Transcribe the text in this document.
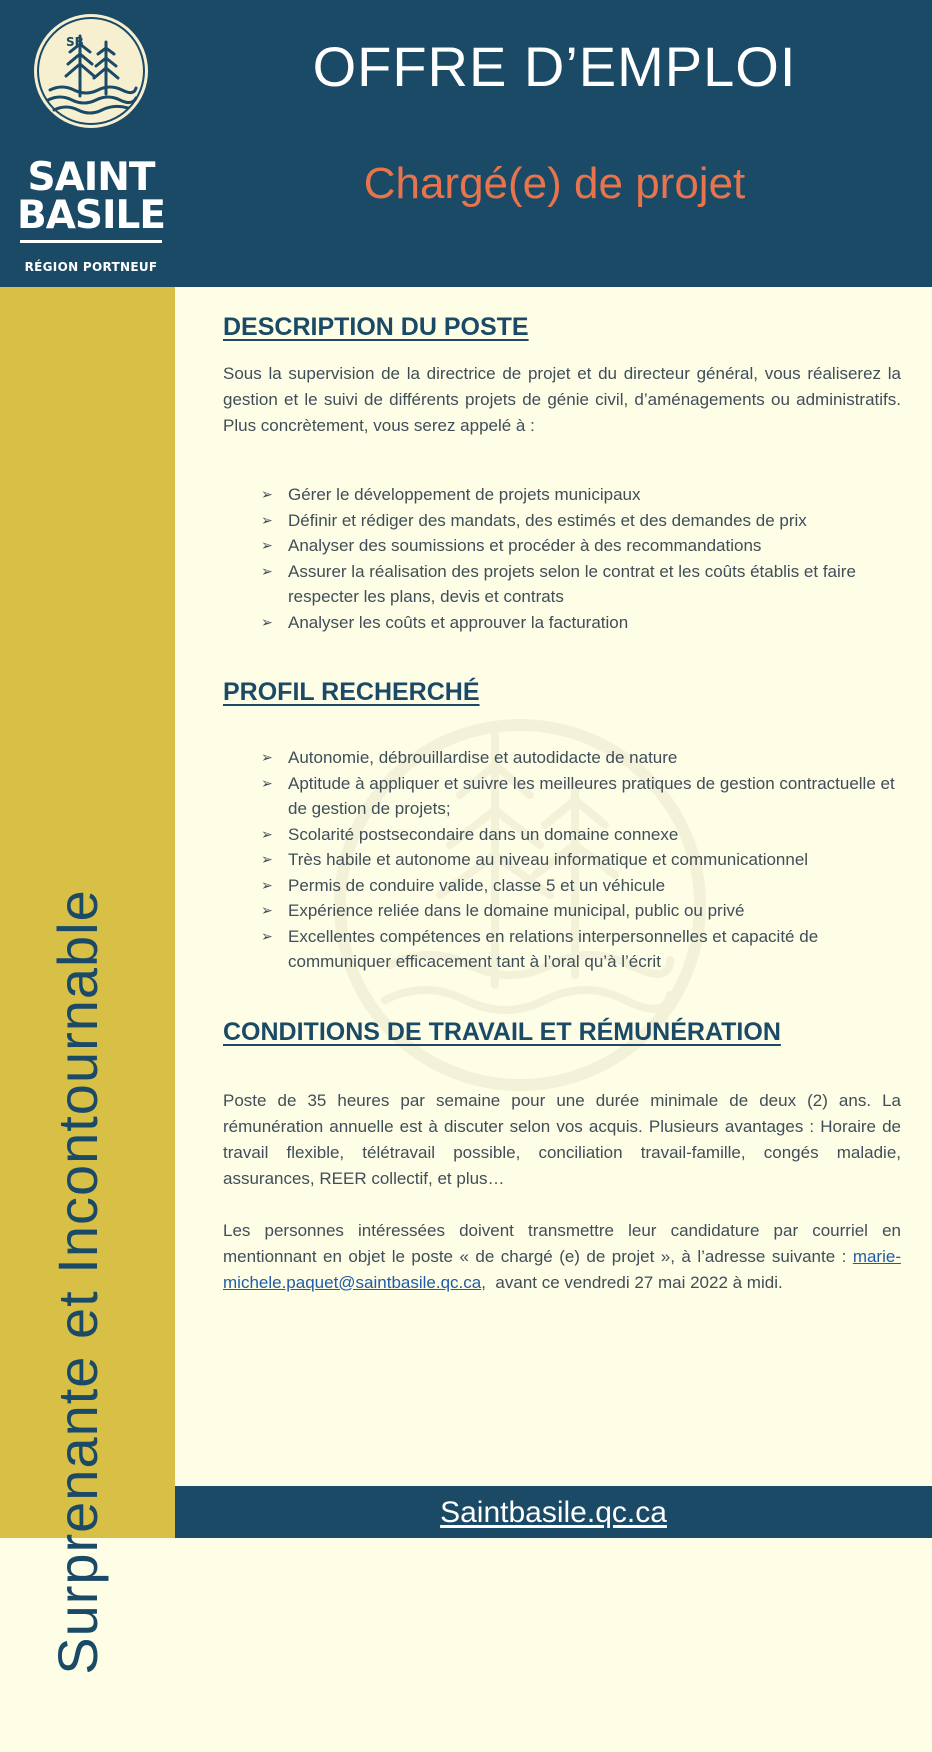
SB
SAINT
BASILE
RÉGION PORTNEUF
OFFRE D’EMPLOI
Chargé(e) de projet
Surprenante et Incontournable
DESCRIPTION DU POSTE

Sous la supervision de la directrice de projet et du directeur général, vous réaliserez la gestion et le suivi de différents projets de génie civil, d’aménagements ou administratifs. Plus concrètement, vous serez appelé à :

➢ Gérer le développement de projets municipaux
➢ Définir et rédiger des mandats, des estimés et des demandes de prix
➢ Analyser des soumissions et procéder à des recommandations
➢ Assurer la réalisation des projets selon le contrat et les coûts établis et faire respecter les plans, devis et contrats
➢ Analyser les coûts et approuver la facturation
PROFIL RECHERCHÉ
➢ Autonomie, débrouillardise et autodidacte de nature
➢ Aptitude à appliquer et suivre les meilleures pratiques de gestion contractuelle et de gestion de projets;
➢ Scolarité postsecondaire dans un domaine connexe
➢ Très habile et autonome au niveau informatique et communicationnel
➢ Permis de conduire valide, classe 5 et un véhicule
➢ Expérience reliée dans le domaine municipal, public ou privé
➢ Excellentes compétences en relations interpersonnelles et capacité de communiquer efficacement tant à l’oral qu’à l’écrit
CONDITIONS DE TRAVAIL ET RÉMUNÉRATION

Poste de 35 heures par semaine pour une durée minimale de deux (2) ans. La rémunération annuelle est à discuter selon vos acquis. Plusieurs avantages : Horaire de travail flexible, télétravail possible, conciliation travail-famille, congés maladie, assurances, REER collectif, et plus…

Les personnes intéressées doivent transmettre leur candidature par courriel en mentionnant en objet le poste « de chargé (e) de projet », à l’adresse suivante : marie-michele.paquet@saintbasile.qc.ca,  avant ce vendredi 27 mai 2022 à midi.

Saintbasile.qc.ca
